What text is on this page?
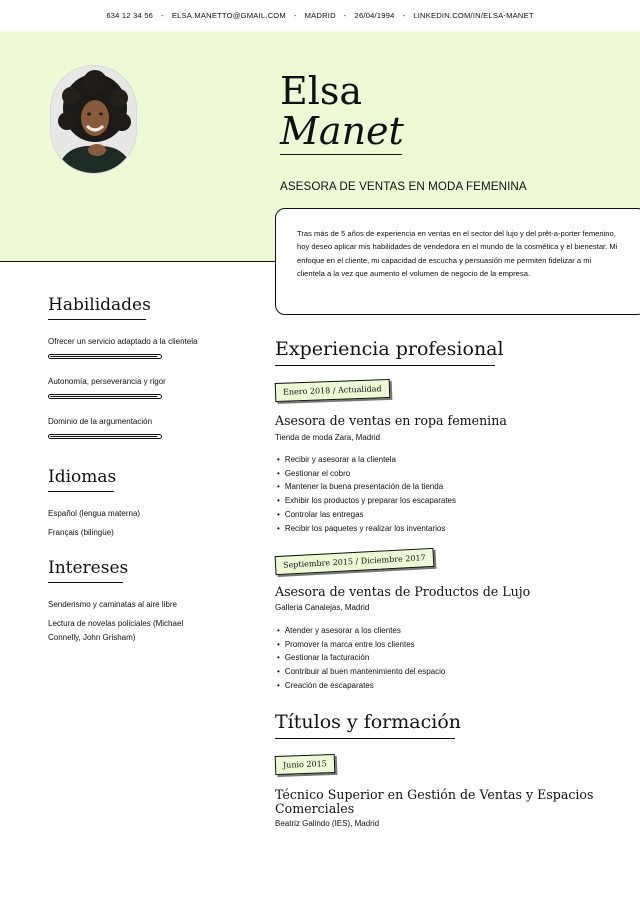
634 12 34 56 - ELSA.MANETTO@GMAIL.COM - MADRID - 26/04/1994 - LINKEDIN.COM/IN/ELSA-MANET
Elsa
Manet
ASESORA DE VENTAS EN MODA FEMENINA
Tras más de 5 años de experiencia en ventas en el sector del lujo y del prêt-a-porter femenino, hoy deseo aplicar mis habilidades de vendedora en el mundo de la cosmética y el bienestar. Mi enfoque en el cliente, mi capacidad de escucha y persuasión me permiten fidelizar a mi clientela a la vez que aumento el volumen de negocio de la empresa.
Habilidades
Ofrecer un servicio adaptado a la clientela
Autonomía, perseverancia y rigor
Dominio de la argumentación
Idiomas
Español (lengua materna)
Français (bilingüe)
Intereses
Senderismo y caminatas al aire libre
Lectura de novelas policiales (Michael Connelly, John Grisham)
Experiencia profesional
Enero 2018 / Actualidad
Asesora de ventas en ropa femenina
Tienda de moda Zara, Madrid
• Recibir y asesorar a la clientela
• Gestionar el cobro
• Mantener la buena presentación de la tienda
• Exhibir los productos y preparar los escaparates
• Controlar las entregas
• Recibir los paquetes y realizar los inventarios
Septiembre 2015 / Diciembre 2017
Asesora de ventas de Productos de Lujo
Galleria Canalejas, Madrid
• Atender y asesorar a los clientes
• Promover la marca entre los clientes
• Gestionar la facturación
• Contribuir al buen mantenimiento del espacio
• Creación de escaparates
Títulos y formación
Junio 2015
Técnico Superior en Gestión de Ventas y Espacios Comerciales
Beatriz Galindo (IES), Madrid
